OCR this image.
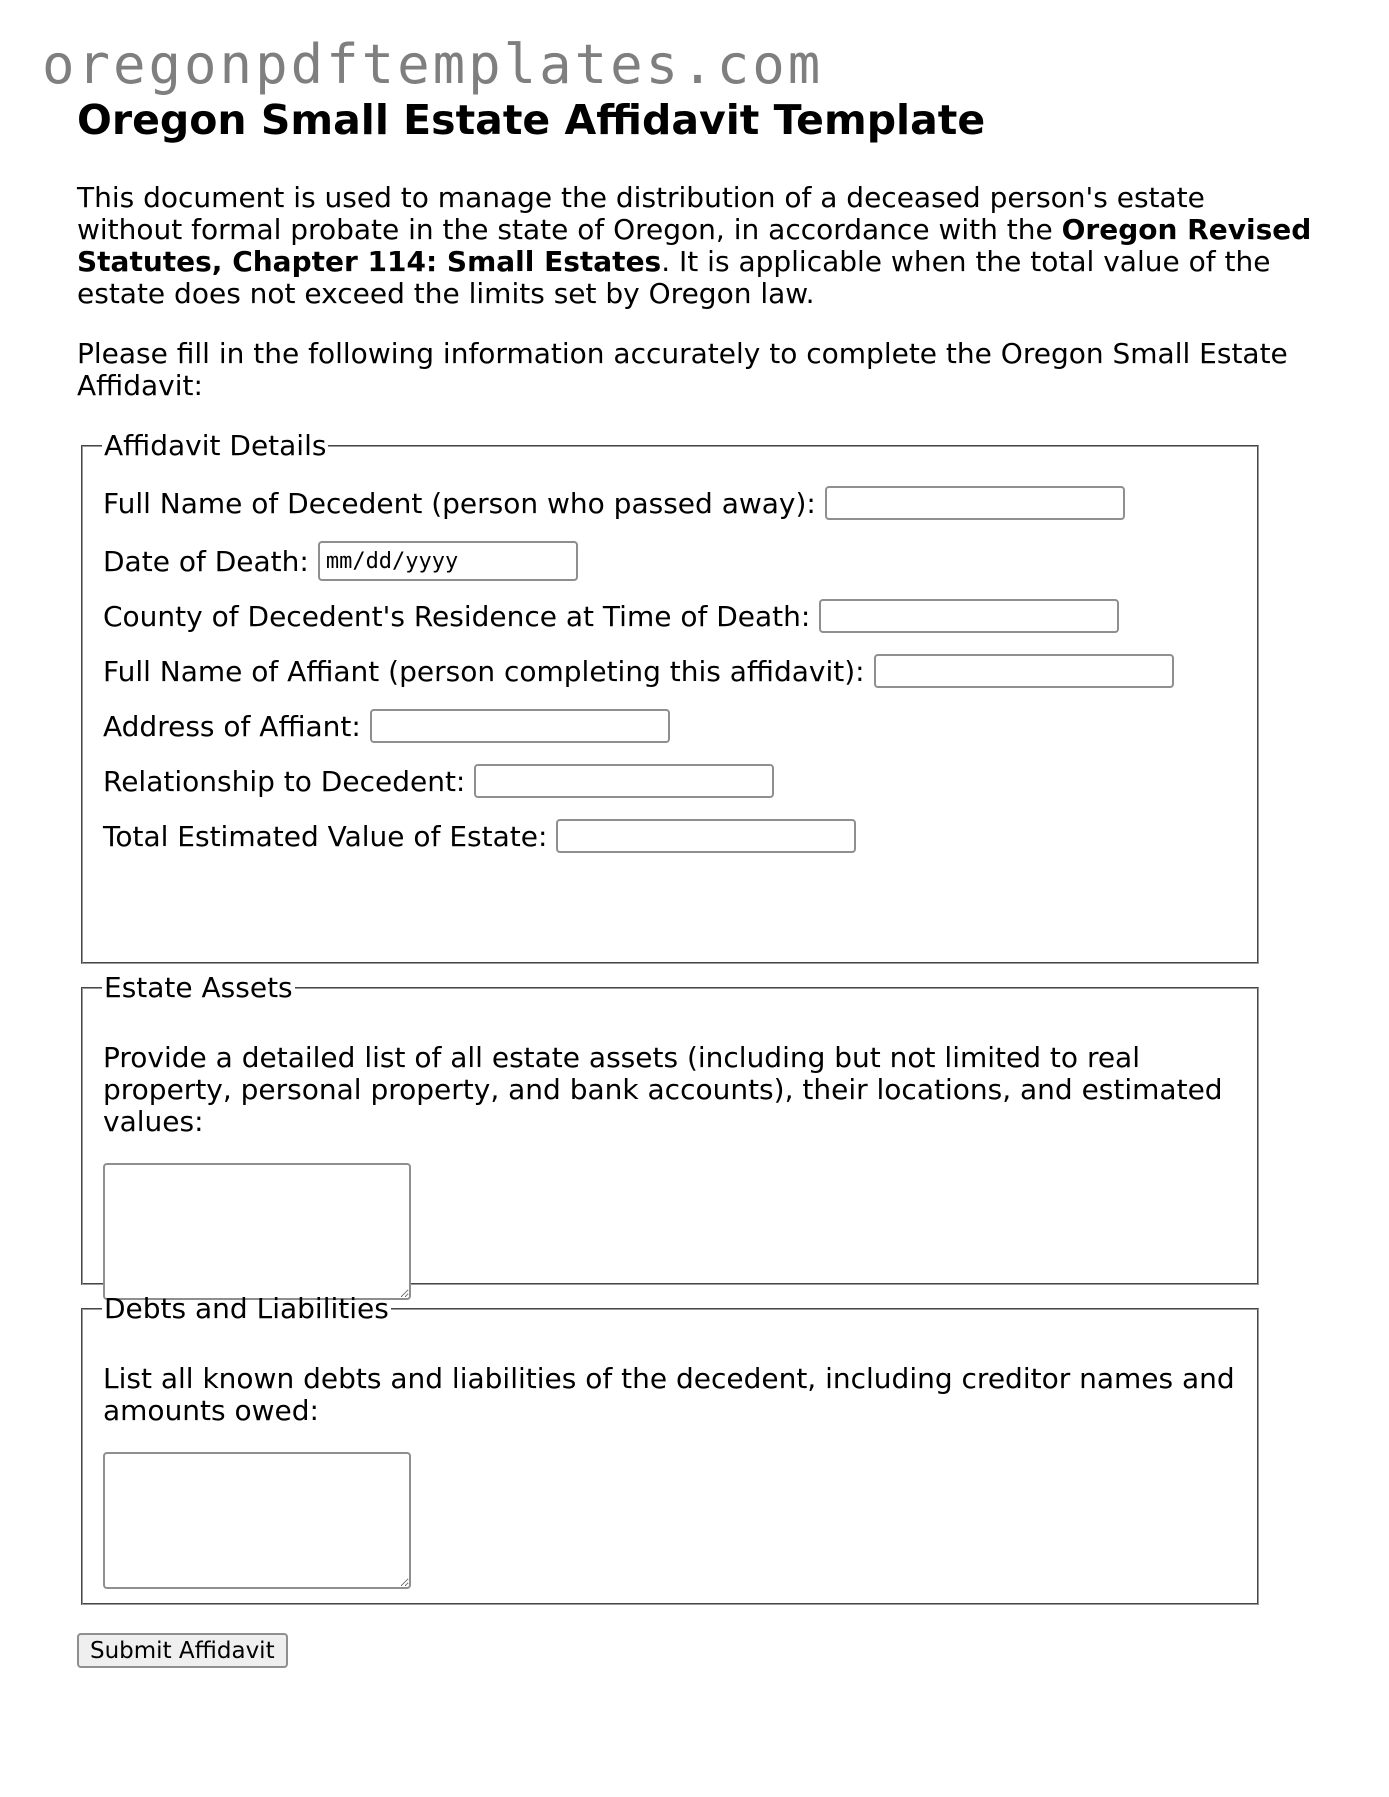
oregonpdftemplates.com
Oregon Small Estate Affidavit Template

This document is used to manage the distribution of a deceased person's estate without formal probate in the state of Oregon, in accordance with the Oregon Revised Statutes, Chapter 114: Small Estates. It is applicable when the total value of the estate does not exceed the limits set by Oregon law.

Please fill in the following information accurately to complete the Oregon Small Estate Affidavit:

Affidavit Details
Full Name of Decedent (person who passed away):
Date of Death:
mm/dd/yyyy
County of Decedent's Residence at Time of Death:
Full Name of Affiant (person completing this affidavit):
Address of Affiant:
Relationship to Decedent:
Total Estimated Value of Estate:
Estate Assets

Provide a detailed list of all estate assets (including but not limited to real property, personal property, and bank accounts), their locations, and estimated values:

Debts and Liabilities

List all known debts and liabilities of the decedent, including creditor names and amounts owed:

Submit Affidavit
